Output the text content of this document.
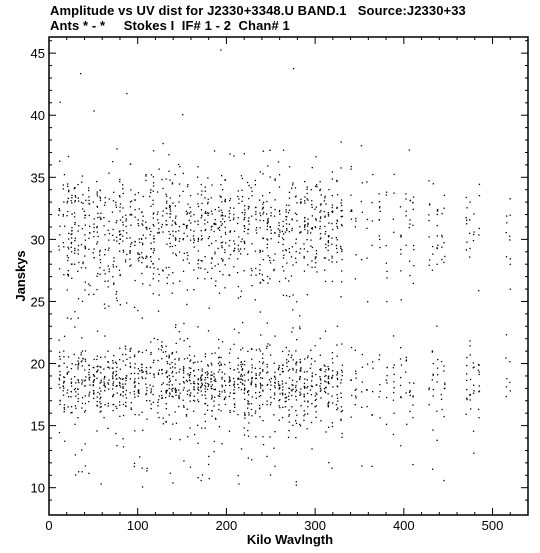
Amplitude vs UV dist for J2330+3348.U BAND.1   Source:J2330+33
Ants * - *     Stokes I  IF# 1 - 2  Chan# 1
0	100	200	300	400	500
10
15
20
25
30
35
40
45
Kilo Wavlngth
Janskys
